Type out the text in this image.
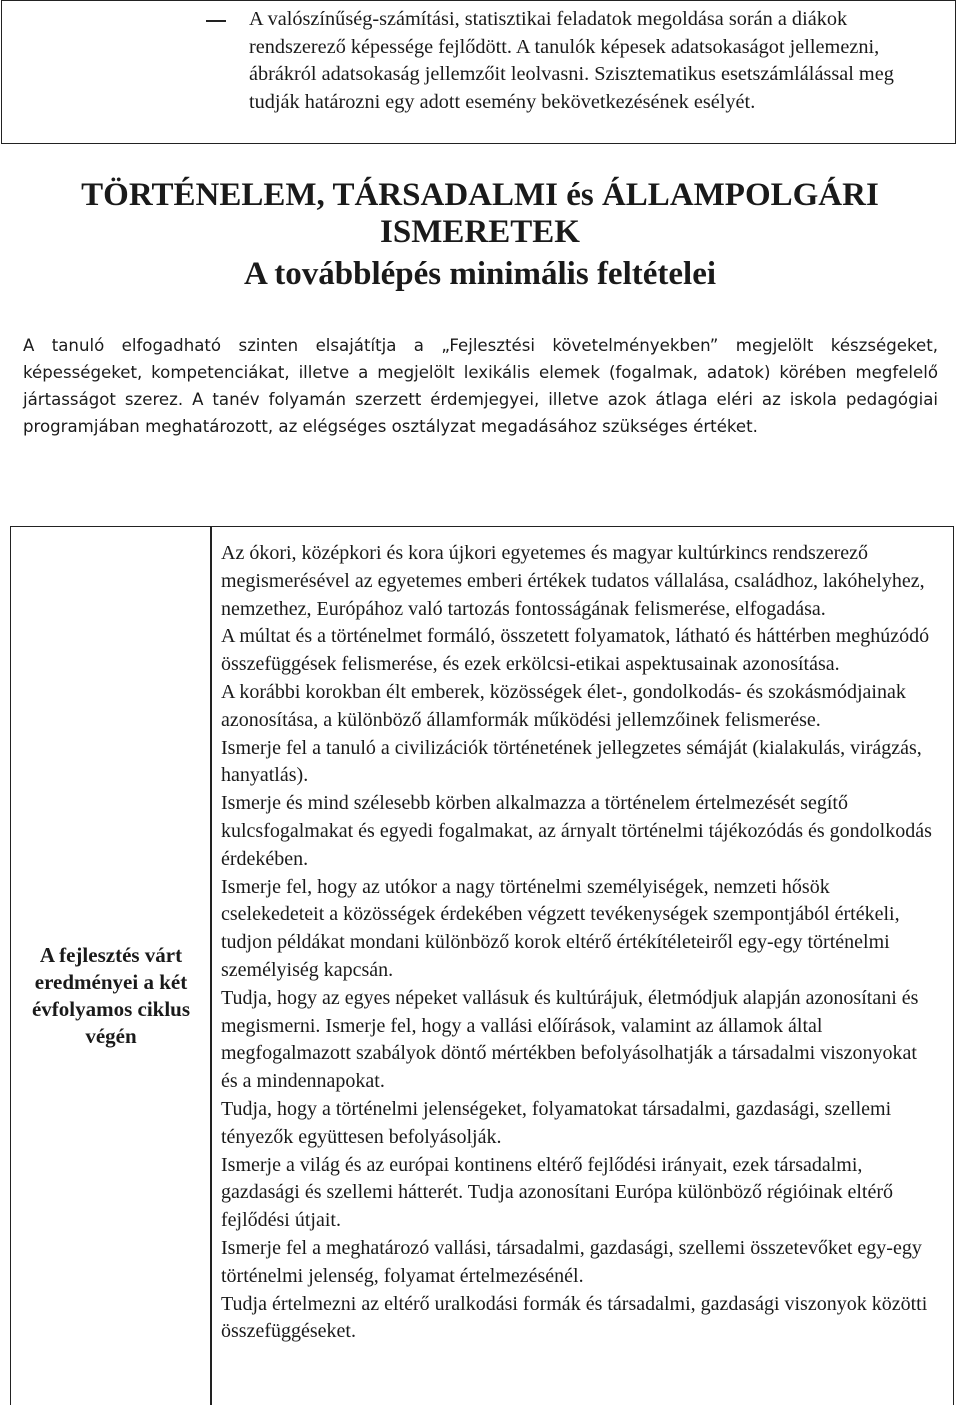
A valószínűség-számítási, statisztikai feladatok megoldása során a diákok rendszerező képessége fejlődött. A tanulók képesek adatsokaságot jellemezni, ábrákról adatsokaság jellemzőit leolvasni. Szisztematikus esetszámlálással meg tudják határozni egy adott esemény bekövetkezésének esélyét.
TÖRTÉNELEM, TÁRSADALMI és ÁLLAMPOLGÁRI
ISMERETEK
A továbblépés minimális feltételei

A tanuló elfogadható szinten elsajátítja a „Fejlesztési követelményekben” megjelölt készségeket, képességeket, kompetenciákat, illetve a megjelölt lexikális elemek (fogalmak, adatok) körében megfelelő jártasságot szerez. A tanév folyamán szerzett érdemjegyei, illetve azok átlaga eléri az iskola pedagógiai programjában meghatározott, az elégséges osztályzat megadásához szükséges értéket.

A fejlesztés várt eredményei a két évfolyamos ciklus végén

Az ókori, középkori és kora újkori egyetemes és magyar kultúrkincs rendszerező megismerésével az egyetemes emberi értékek tudatos vállalása, családhoz, lakóhelyhez, nemzethez, Európához való tartozás fontosságának felismerése, elfogadása.

A múltat és a történelmet formáló, összetett folyamatok, látható és háttérben meghúzódó összefüggések felismerése, és ezek erkölcsi-etikai aspektusainak azonosítása.

A korábbi korokban élt emberek, közösségek élet-, gondolkodás- és szokásmódjainak azonosítása, a különböző államformák működési jellemzőinek felismerése.

Ismerje fel a tanuló a civilizációk történetének jellegzetes sémáját (kialakulás, virágzás, hanyatlás).

Ismerje és mind szélesebb körben alkalmazza a történelem értelmezését segítő kulcsfogalmakat és egyedi fogalmakat, az árnyalt történelmi tájékozódás és gondolkodás érdekében.

Ismerje fel, hogy az utókor a nagy történelmi személyiségek, nemzeti hősök cselekedeteit a közösségek érdekében végzett tevékenységek szempontjából értékeli, tudjon példákat mondani különböző korok eltérő értékítéleteiről egy-egy történelmi személyiség kapcsán.

Tudja, hogy az egyes népeket vallásuk és kultúrájuk, életmódjuk alapján azonosítani és megismerni. Ismerje fel, hogy a vallási előírások, valamint az államok által megfogalmazott szabályok döntő mértékben befolyásolhatják a társadalmi viszonyokat és a mindennapokat.

Tudja, hogy a történelmi jelenségeket, folyamatokat társadalmi, gazdasági, szellemi tényezők együttesen befolyásolják.

Ismerje a világ és az európai kontinens eltérő fejlődési irányait, ezek társadalmi, gazdasági és szellemi hátterét. Tudja azonosítani Európa különböző régióinak eltérő fejlődési útjait.

Ismerje fel a meghatározó vallási, társadalmi, gazdasági, szellemi összetevőket egy-egy történelmi jelenség, folyamat értelmezésénél.

Tudja értelmezni az eltérő uralkodási formák és társadalmi, gazdasági viszonyok közötti összefüggéseket.
